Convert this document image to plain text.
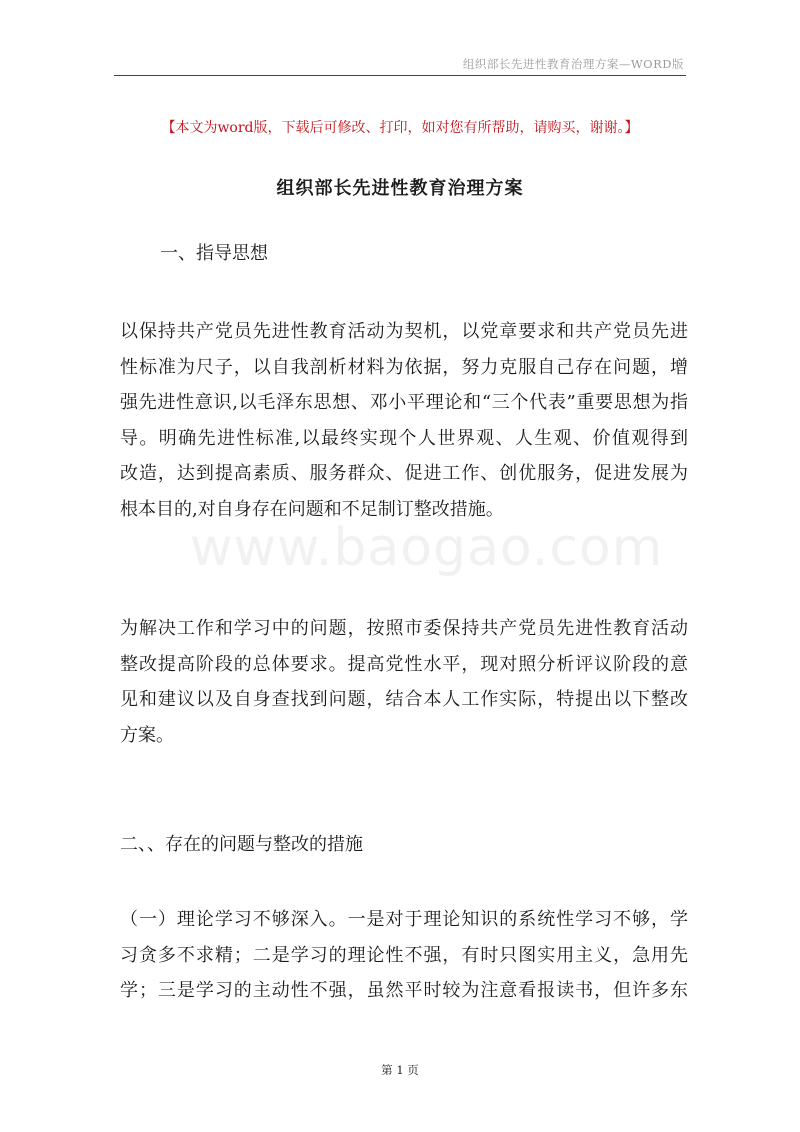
组织部长先进性教育治理方案—WORD版
www.baogao.com
【本文为word版，下载后可修改、打印，如对您有所帮助，请购买，谢谢。】
组织部长先进性教育治理方案
一、指导思想
以保持共产党员先进性教育活动为契机，以党章要求和共产党员先进
性标准为尺子，以自我剖析材料为依据，努力克服自己存在问题，增
强先进性意识,以毛泽东思想、邓小平理论和“三个代表”重要思想为指
导。明确先进性标准,以最终实现个人世界观、人生观、价值观得到
改造，达到提高素质、服务群众、促进工作、创优服务，促进发展为
根本目的,对自身存在问题和不足制订整改措施。
为解决工作和学习中的问题，按照市委保持共产党员先进性教育活动
整改提高阶段的总体要求。提高党性水平，现对照分析评议阶段的意
见和建议以及自身查找到问题，结合本人工作实际，特提出以下整改
方案。
二、、存在的问题与整改的措施
（一）理论学习不够深入。一是对于理论知识的系统性学习不够，学
习贪多不求精；二是学习的理论性不强，有时只图实用主义，急用先
学；三是学习的主动性不强，虽然平时较为注意看报读书，但许多东
第 1 页
